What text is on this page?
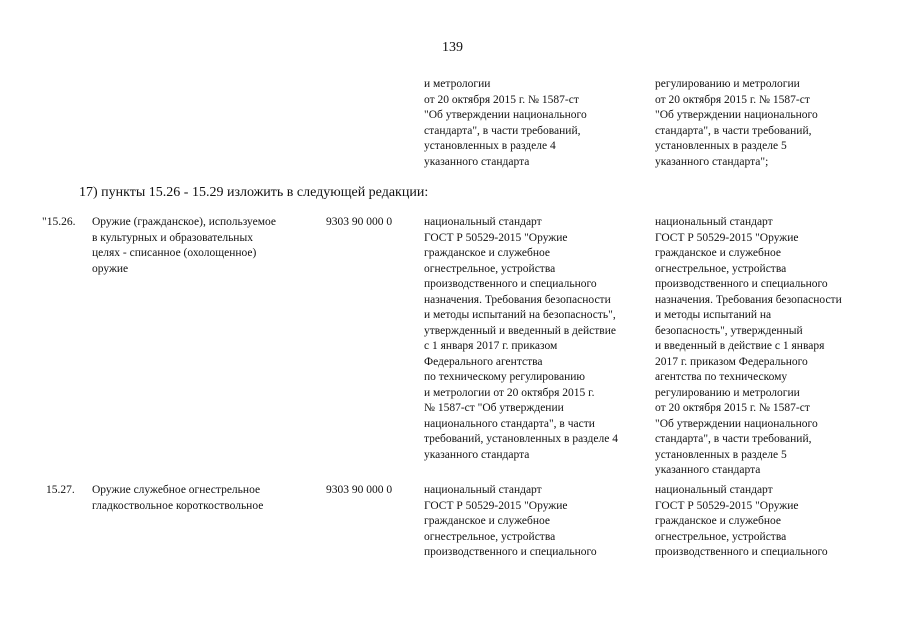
139
и метрологии
от 20 октября 2015 г. № 1587-ст
"Об утверждении национального
стандарта", в части требований,
установленных в разделе 4
указанного стандарта
регулированию и метрологии
от 20 октября 2015 г. № 1587-ст
"Об утверждении национального
стандарта", в части требований,
установленных в разделе 5
указанного стандарта";
17) пункты 15.26 - 15.29 изложить в следующей редакции:
"15.26. Оружие (гражданское), используемое
в культурных и образовательных
целях - списанное (охолощенное)
оружие
9303 90 000 0	национальный стандарт
ГОСТ Р 50529-2015 "Оружие
гражданское и служебное
огнестрельное, устройства
производственного и специального
назначения. Требования безопасности
и методы испытаний на безопасность",
утвержденный и введенный в действие
с 1 января 2017 г. приказом
Федерального агентства
по техническому регулированию
и метрологии от 20 октября 2015 г.
№ 1587-ст "Об утверждении
национального стандарта", в части
требований, установленных в разделе 4
указанного стандарта
национальный стандарт
ГОСТ Р 50529-2015 "Оружие
гражданское и служебное
огнестрельное, устройства
производственного и специального
назначения. Требования безопасности
и методы испытаний на
безопасность", утвержденный
и введенный в действие с 1 января
2017 г. приказом Федерального
агентства по техническому
регулированию и метрологии
от 20 октября 2015 г. № 1587-ст
"Об утверждении национального
стандарта", в части требований,
установленных в разделе 5
указанного стандарта
15.27. Оружие служебное огнестрельное
гладкоствольное короткоствольное
9303 90 000 0	национальный стандарт
ГОСТ Р 50529-2015 "Оружие
гражданское и служебное
огнестрельное, устройства
производственного и специального
национальный стандарт
ГОСТ Р 50529-2015 "Оружие
гражданское и служебное
огнестрельное, устройства
производственного и специального
